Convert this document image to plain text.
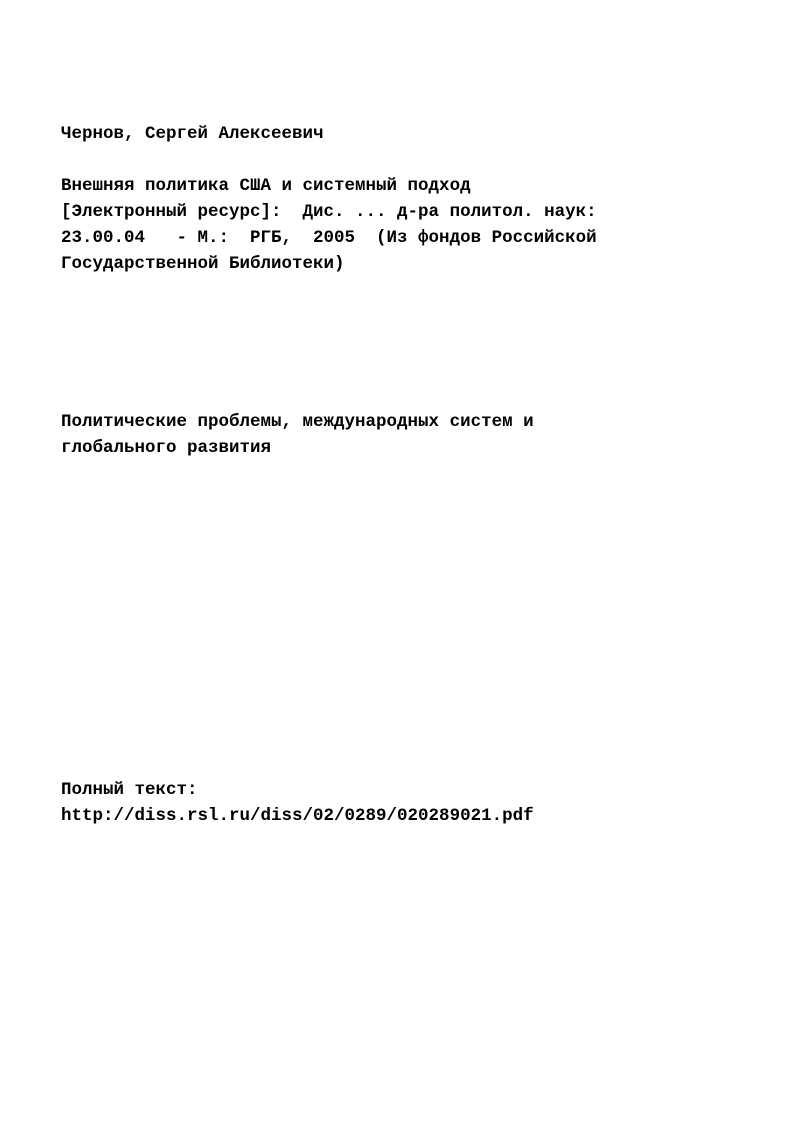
Чернов, Сергей Алексеевич
Внешняя политика США и системный подход
[Электронный ресурс]:  Дис. ... д-ра политол. наук:
23.00.04   - М.:  РГБ,  2005  (Из фондов Российской
Государственной Библиотеки)
Политические проблемы, международных систем и
глобального развития
Полный текст:
http://diss.rsl.ru/diss/02/0289/020289021.pdf
